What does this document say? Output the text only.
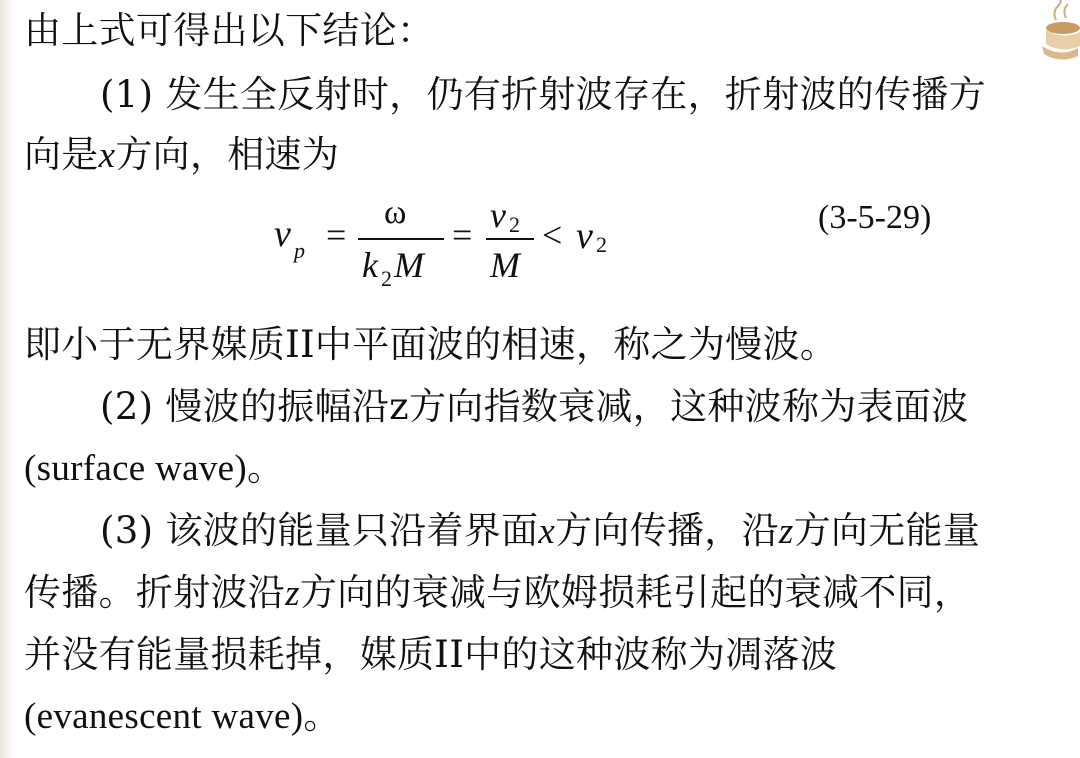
由上式可得出以下结论：
(1) 发生全反射时，仍有折射波存在，折射波的传播方
向是x方向，相速为
v p =
ω
k 2 M
= v 2
M
< v 2
(3-5-29)
即小于无界媒质II中平面波的相速，称之为慢波。
(2) 慢波的振幅沿z方向指数衰减，这种波称为表面波
(surface wave)。
(3) 该波的能量只沿着界面x方向传播，沿z方向无能量
传播。折射波沿z方向的衰减与欧姆损耗引起的衰减不同，
并没有能量损耗掉，媒质II中的这种波称为凋落波
(evanescent wave)。
